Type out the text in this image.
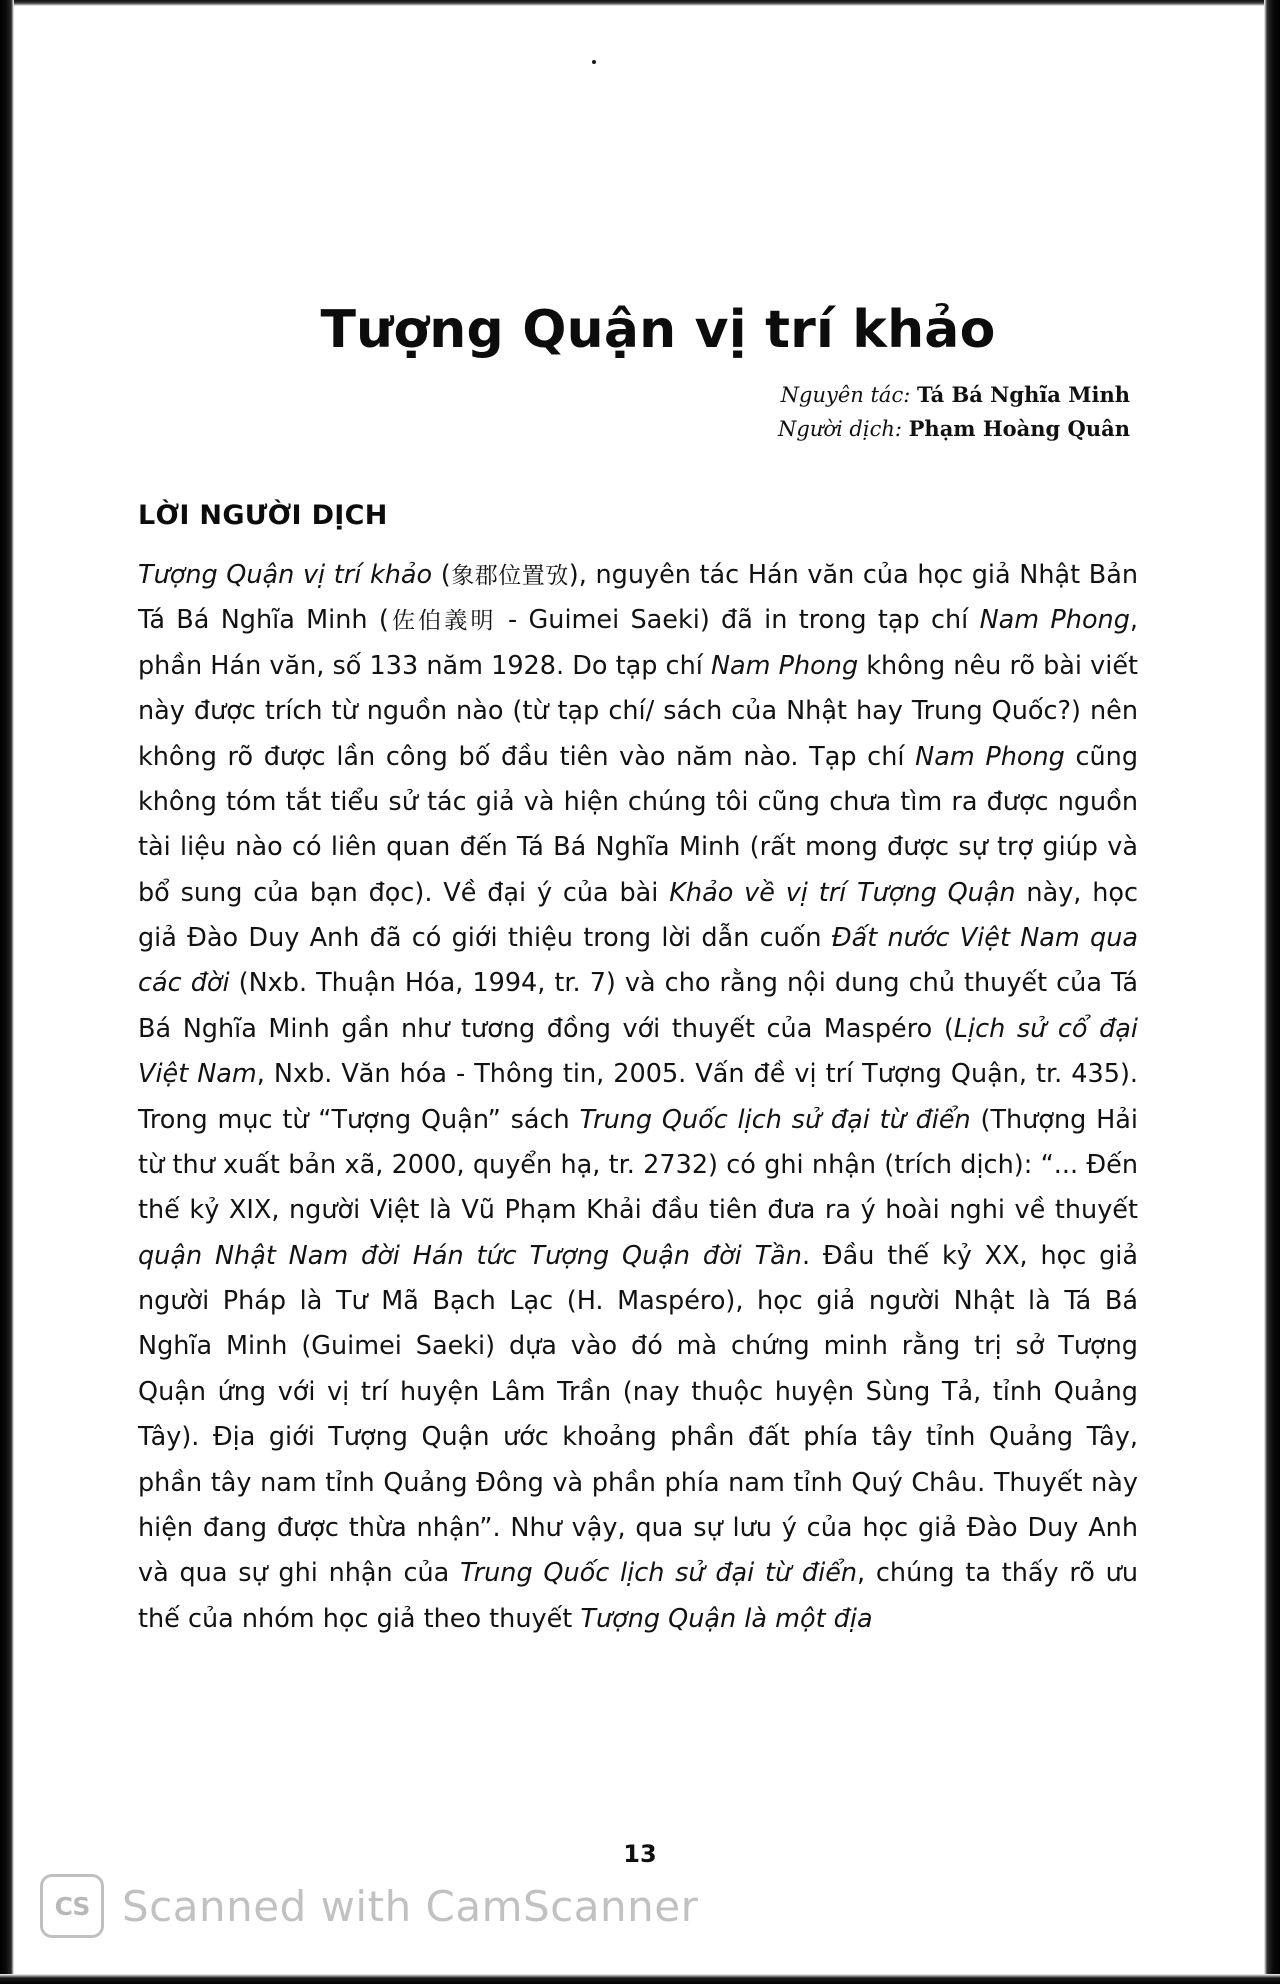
Tượng Quận vị trí khảo
Nguyên tác: Tá Bá Nghĩa Minh
Người dịch: Phạm Hoàng Quân
LỜI NGƯỜI DỊCH

Tượng Quận vị trí khảo (象郡位置攷), nguyên tác Hán văn của học giả Nhật Bản Tá Bá Nghĩa Minh (佐伯義明 - Guimei Saeki) đã in trong tạp chí Nam Phong, phần Hán văn, số 133 năm 1928. Do tạp chí Nam Phong không nêu rõ bài viết này được trích từ nguồn nào (từ tạp chí/ sách của Nhật hay Trung Quốc?) nên không rõ được lần công bố đầu tiên vào năm nào. Tạp chí Nam Phong cũng không tóm tắt tiểu sử tác giả và hiện chúng tôi cũng chưa tìm ra được nguồn tài liệu nào có liên quan đến Tá Bá Nghĩa Minh (rất mong được sự trợ giúp và bổ sung của bạn đọc). Về đại ý của bài Khảo về vị trí Tượng Quận này, học giả Đào Duy Anh đã có giới thiệu trong lời dẫn cuốn Đất nước Việt Nam qua các đời (Nxb. Thuận Hóa, 1994, tr. 7) và cho rằng nội dung chủ thuyết của Tá Bá Nghĩa Minh gần như tương đồng với thuyết của Maspéro (Lịch sử cổ đại Việt Nam, Nxb. Văn hóa - Thông tin, 2005. Vấn đề vị trí Tượng Quận, tr. 435). Trong mục từ “Tượng Quận” sách Trung Quốc lịch sử đại từ điển (Thượng Hải từ thư xuất bản xã, 2000, quyển hạ, tr. 2732) có ghi nhận (trích dịch): “... Đến thế kỷ XIX, người Việt là Vũ Phạm Khải đầu tiên đưa ra ý hoài nghi về thuyết quận Nhật Nam đời Hán tức Tượng Quận đời Tần. Đầu thế kỷ XX, học giả người Pháp là Tư Mã Bạch Lạc (H. Maspéro), học giả người Nhật là Tá Bá Nghĩa Minh (Guimei Saeki) dựa vào đó mà chứng minh rằng trị sở Tượng Quận ứng với vị trí huyện Lâm Trần (nay thuộc huyện Sùng Tả, tỉnh Quảng Tây). Địa giới Tượng Quận ước khoảng phần đất phía tây tỉnh Quảng Tây, phần tây nam tỉnh Quảng Đông và phần phía nam tỉnh Quý Châu. Thuyết này hiện đang được thừa nhận”. Như vậy, qua sự lưu ý của học giả Đào Duy Anh và qua sự ghi nhận của Trung Quốc lịch sử đại từ điển, chúng ta thấy rõ ưu thế của nhóm học giả theo thuyết Tượng Quận là một địa

13
CS Scanned with CamScanner
